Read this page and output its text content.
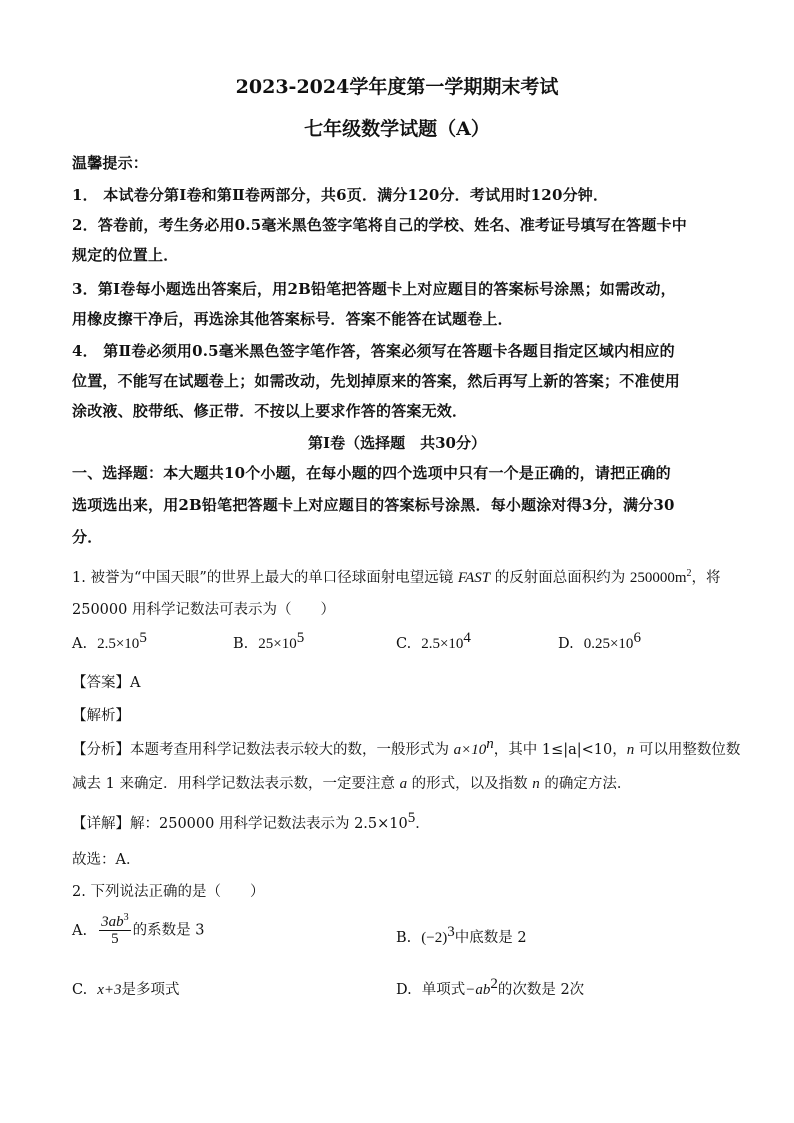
2023-2024学年度第一学期期末考试
七年级数学试题（A）
温馨提示：
1． 本试卷分第Ⅰ卷和第Ⅱ卷两部分，共6页．满分120分．考试用时120分钟．
2．答卷前，考生务必用0.5毫米黑色签字笔将自己的学校、姓名、准考证号填写在答题卡中
规定的位置上．
3．第Ⅰ卷每小题选出答案后，用2B铅笔把答题卡上对应题目的答案标号涂黑；如需改动，
用橡皮擦干净后，再选涂其他答案标号．答案不能答在试题卷上．
4． 第Ⅱ卷必须用0.5毫米黑色签字笔作答，答案必须写在答题卡各题目指定区域内相应的
位置，不能写在试题卷上；如需改动，先划掉原来的答案，然后再写上新的答案；不准使用
涂改液、胶带纸、修正带．不按以上要求作答的答案无效．
第Ⅰ卷（选择题　共30分）
一、选择题：本大题共10个小题，在每小题的四个选项中只有一个是正确的，请把正确的
选项选出来，用2B铅笔把答题卡上对应题目的答案标号涂黑．每小题涂对得3分，满分30
分．
1. 被誉为“中国天眼”的世界上最大的单口径球面射电望远镜 FAST 的反射面总面积约为 $250000m^2$，将
250000 用科学记数法可表示为（　　）
A. $2.5\times 10^5$	B. $25\times 10^5$	C. $2.5\times 10^4$	D. $0.25\times 10^6$
【答案】A
【解析】
【分析】本题考查用科学记数法表示较大的数，一般形式为 $a\times 10^n$，其中 1≤|a|<10，n 可以用整数位数
减去 1 来确定．用科学记数法表示数，一定要注意 a 的形式，以及指数 n 的确定方法．
【详解】解：250000 用科学记数法表示为 $2.5\times 10^5$．
故选：A．
2. 下列说法正确的是（　　）
A. $\frac{3ab^3}{5}$ 的系数是 3	B. $(-2)^3$中底数是 2
C. x+3是多项式	D. 单项式$-ab^2$的次数是 2次
